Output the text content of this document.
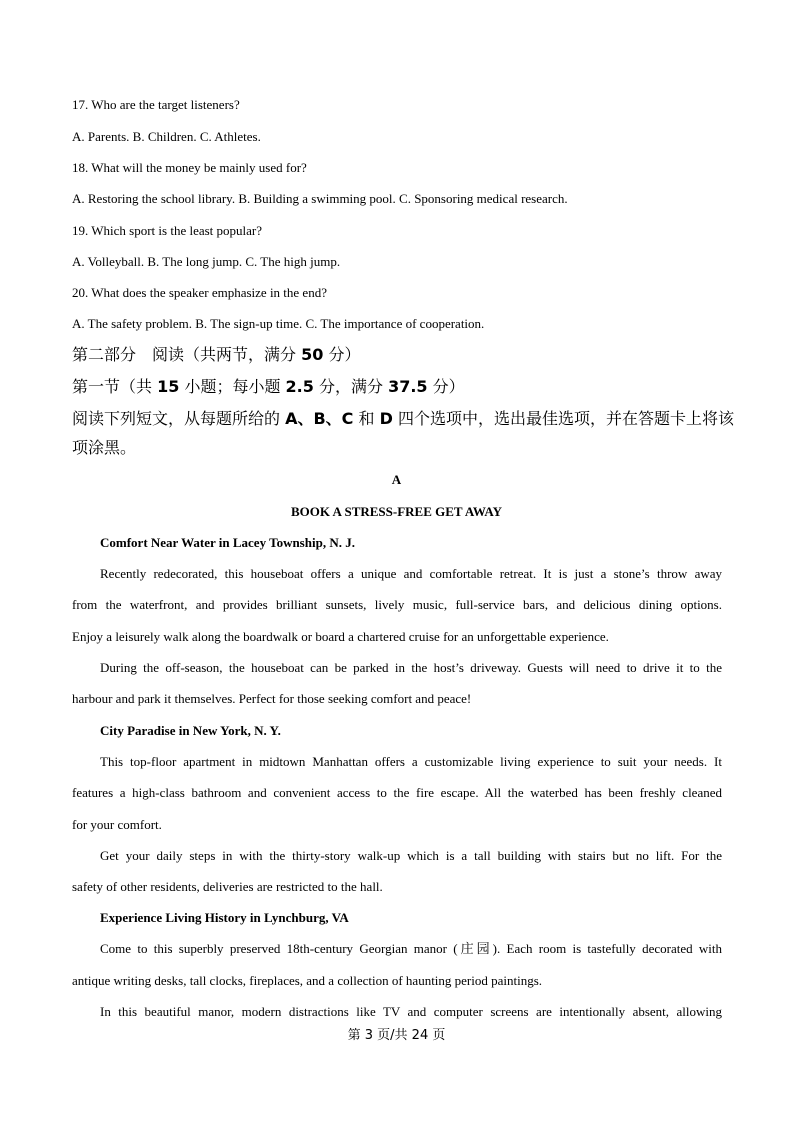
17. Who are the target listeners?
A. Parents. B. Children. C. Athletes.
18. What will the money be mainly used for?
A. Restoring the school library. B. Building a swimming pool. C. Sponsoring medical research.
19. Which sport is the least popular?
A. Volleyball. B. The long jump. C. The high jump.
20. What does the speaker emphasize in the end?
A. The safety problem. B. The sign-up time. C. The importance of cooperation.
第二部分　阅读（共两节，满分 50 分）
第一节（共 15 小题；每小题 2.5 分，满分 37.5 分）
阅读下列短文，从每题所给的 A、B、C 和 D 四个选项中，选出最佳选项，并在答题卡上将该
项涂黑。
A
BOOK A STRESS-FREE GET AWAY
Comfort Near Water in Lacey Township, N. J.
Recently redecorated, this houseboat offers a unique and comfortable retreat. It is just a stone’s throw away
from the waterfront, and provides brilliant sunsets, lively music, full-service bars, and delicious dining options.
Enjoy a leisurely walk along the boardwalk or board a chartered cruise for an unforgettable experience.
During the off-season, the houseboat can be parked in the host’s driveway. Guests will need to drive it to the
harbour and park it themselves. Perfect for those seeking comfort and peace!
City Paradise in New York, N. Y.
This top-floor apartment in midtown Manhattan offers a customizable living experience to suit your needs. It
features a high-class bathroom and convenient access to the fire escape. All the waterbed has been freshly cleaned
for your comfort.
Get your daily steps in with the thirty-story walk-up which is a tall building with stairs but no lift. For the
safety of other residents, deliveries are restricted to the hall.
Experience Living History in Lynchburg, VA
Come to this superbly preserved 18th-century Georgian manor (庄园). Each room is tastefully decorated with
antique writing desks, tall clocks, fireplaces, and a collection of haunting period paintings.
In this beautiful manor, modern distractions like TV and computer screens are intentionally absent, allowing
第 3 页/共 24 页
